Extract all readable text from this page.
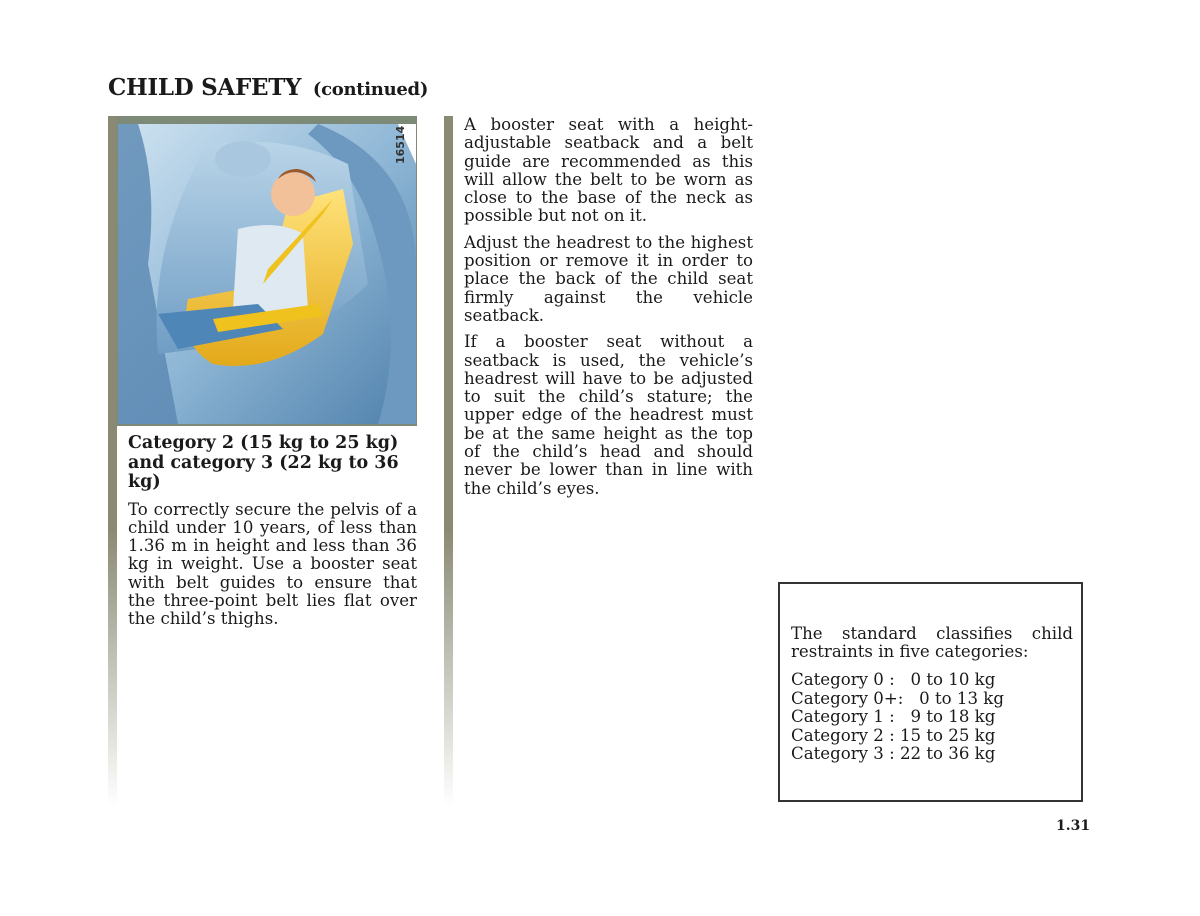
CHILD SAFETY (continued)
16514
Category 2 (15 kg to 25 kg) and category 3 (22 kg to 36 kg)

To correctly secure the pelvis of a child under 10 years, of less than 1.36 m in height and less than 36 kg in weight. Use a booster seat with belt guides to ensure that the three-point belt lies flat over the child’s thighs.

A booster seat with a height-adjustable seatback and a belt guide are recommended as this will allow the belt to be worn as close to the base of the neck as possible but not on it.

Adjust the headrest to the highest position or remove it in order to place the back of the child seat firmly against the vehicle seatback.

If a booster seat without a seatback is used, the vehicle’s headrest will have to be adjusted to suit the child’s stature; the upper edge of the headrest must be at the same height as the top of the child’s head and should never be lower than in line with the child’s eyes.

The standard classifies child restraints in five categories:
Category 0 :   0 to 10 kg
Category 0+:   0 to 13 kg
Category 1 :   9 to 18 kg
Category 2 : 15 to 25 kg
Category 3 : 22 to 36 kg
1.31
